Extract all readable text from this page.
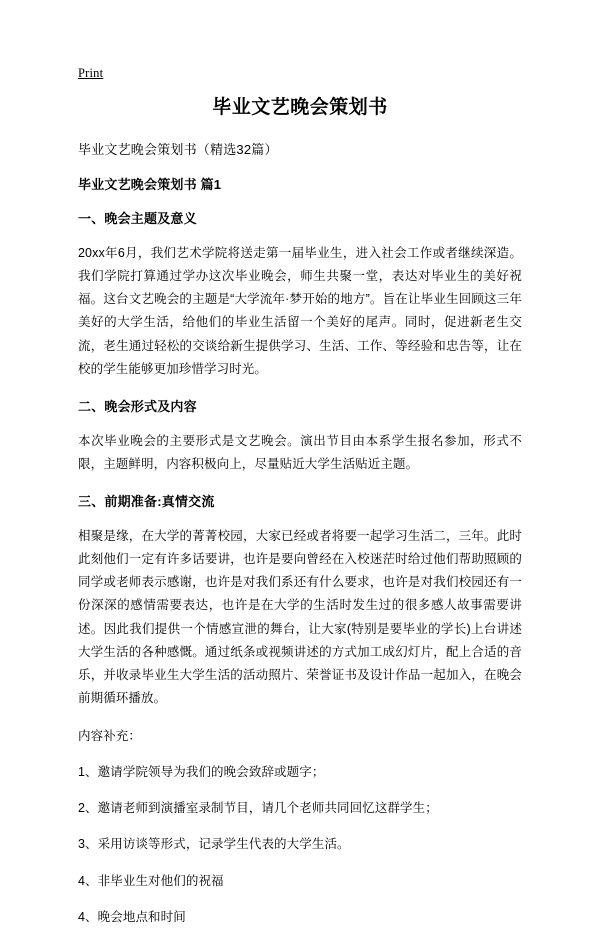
Print
毕业文艺晚会策划书
毕业文艺晚会策划书（精选32篇）
毕业文艺晚会策划书 篇1
一、晚会主题及意义

20xx年6月，我们艺术学院将送走第一届毕业生，进入社会工作或者继续深造。我们学院打算通过学办这次毕业晚会，师生共聚一堂，表达对毕业生的美好祝福。这台文艺晚会的主题是“大学流年·梦开始的地方”。旨在让毕业生回顾这三年美好的大学生活，给他们的毕业生活留一个美好的尾声。同时，促进新老生交流，老生通过轻松的交谈给新生提供学习、生活、工作、等经验和忠告等，让在校的学生能够更加珍惜学习时光。

二、晚会形式及内容

本次毕业晚会的主要形式是文艺晚会。演出节目由本系学生报名参加，形式不限，主题鲜明，内容积极向上，尽量贴近大学生活贴近主题。

三、前期准备:真情交流

相聚是缘，在大学的菁菁校园，大家已经或者将要一起学习生活二，三年。此时此刻他们一定有许多话要讲，也许是要向曾经在入校迷茫时给过他们帮助照顾的同学或老师表示感谢，也许是对我们系还有什么要求，也许是对我们校园还有一份深深的感情需要表达，也许是在大学的生活时发生过的很多感人故事需要讲述。因此我们提供一个情感宣泄的舞台，让大家(特别是要毕业的学长)上台讲述大学生活的各种感慨。通过纸条或视频讲述的方式加工成幻灯片，配上合适的音乐，并收录毕业生大学生活的活动照片、荣誉证书及设计作品一起加入，在晚会前期循环播放。

内容补充：

1、邀请学院领导为我们的晚会致辞或题字；

2、邀请老师到演播室录制节目，请几个老师共同回忆这群学生；

3、采用访谈等形式，记录学生代表的大学生活。

4、非毕业生对他们的祝福

4、晚会地点和时间
